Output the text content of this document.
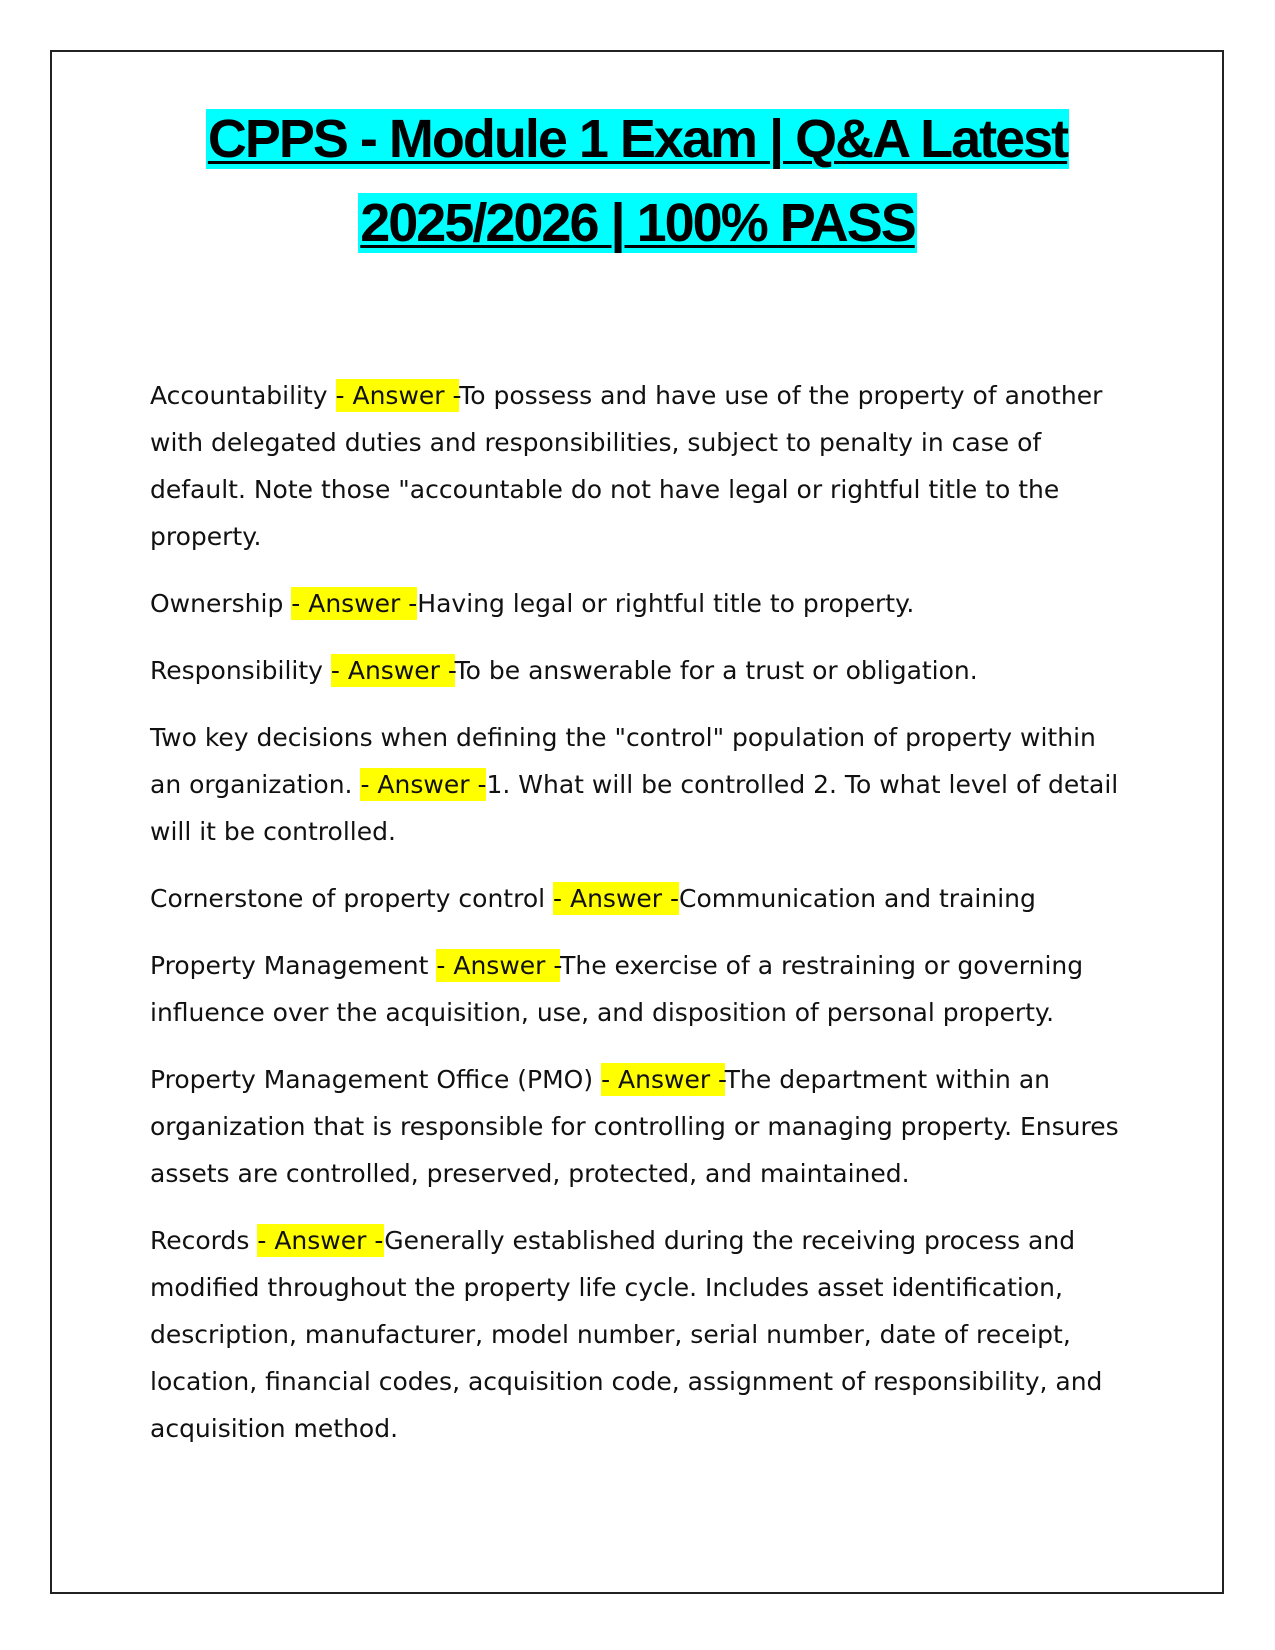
CPPS - Module 1 Exam | Q&A Latest
2025/2026 | 100% PASS

Accountability - Answer -To possess and have use of the property of another with delegated duties and responsibilities, subject to penalty in case of default. Note those "accountable do not have legal or rightful title to the property.

Ownership - Answer -Having legal or rightful title to property.

Responsibility - Answer -To be answerable for a trust or obligation.

Two key decisions when defining the "control" population of property within an organization. - Answer -1. What will be controlled 2. To what level of detail will it be controlled.

Cornerstone of property control - Answer -Communication and training

Property Management - Answer -The exercise of a restraining or governing influence over the acquisition, use, and disposition of personal property.

Property Management Office (PMO) - Answer -The department within an organization that is responsible for controlling or managing property. Ensures assets are controlled, preserved, protected, and maintained.

Records - Answer -Generally established during the receiving process and modified throughout the property life cycle. Includes asset identification, description, manufacturer, model number, serial number, date of receipt, location, financial codes, acquisition code, assignment of responsibility, and acquisition method.
